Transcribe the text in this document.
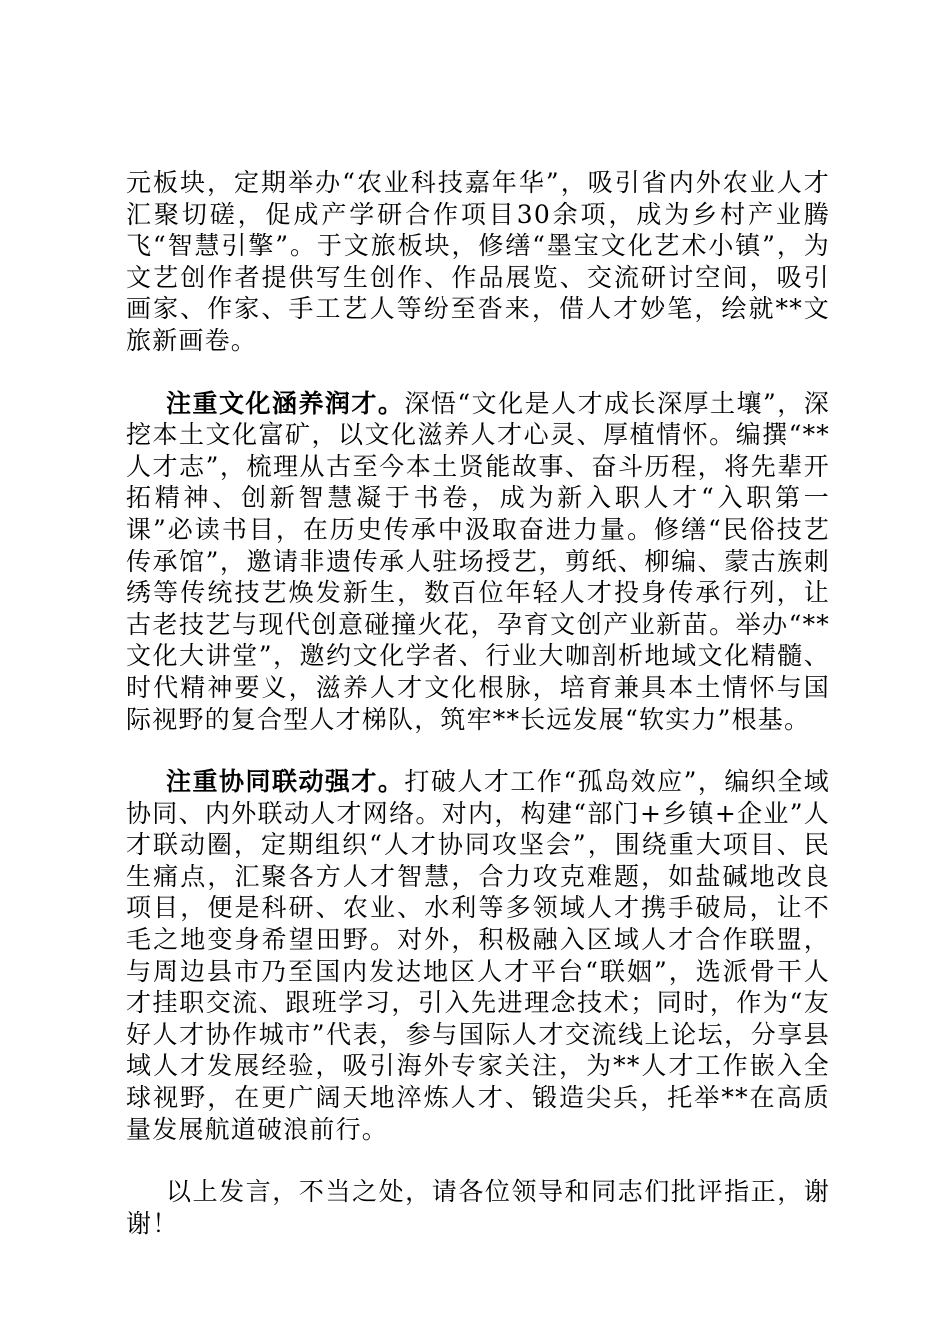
元板块，定期举办“农业科技嘉年华”，吸引省内外农业人才汇聚切磋，促成产学研合作项目30余项，成为乡村产业腾飞“智慧引擎”。于文旅板块，修缮“墨宝文化艺术小镇”，为文艺创作者提供写生创作、作品展览、交流研讨空间，吸引画家、作家、手工艺人等纷至沓来，借人才妙笔，绘就**文旅新画卷。

注重文化涵养润才。深悟“文化是人才成长深厚土壤”，深挖本土文化富矿，以文化滋养人才心灵、厚植情怀。编撰“**人才志”，梳理从古至今本土贤能故事、奋斗历程，将先辈开拓精神、创新智慧凝于书卷，成为新入职人才“入职第一课”必读书目，在历史传承中汲取奋进力量。修缮“民俗技艺传承馆”，邀请非遗传承人驻场授艺，剪纸、柳编、蒙古族刺绣等传统技艺焕发新生，数百位年轻人才投身传承行列，让古老技艺与现代创意碰撞火花，孕育文创产业新苗。举办“**文化大讲堂”，邀约文化学者、行业大咖剖析地域文化精髓、时代精神要义，滋养人才文化根脉，培育兼具本土情怀与国际视野的复合型人才梯队，筑牢**长远发展“软实力”根基。

注重协同联动强才。打破人才工作“孤岛效应”，编织全域协同、内外联动人才网络。对内，构建“部门+乡镇+企业”人才联动圈，定期组织“人才协同攻坚会”，围绕重大项目、民生痛点，汇聚各方人才智慧，合力攻克难题，如盐碱地改良项目，便是科研、农业、水利等多领域人才携手破局，让不毛之地变身希望田野。对外，积极融入区域人才合作联盟，与周边县市乃至国内发达地区人才平台“联姻”，选派骨干人才挂职交流、跟班学习，引入先进理念技术；同时，作为“友好人才协作城市”代表，参与国际人才交流线上论坛，分享县域人才发展经验，吸引海外专家关注，为**人才工作嵌入全球视野，在更广阔天地淬炼人才、锻造尖兵，托举**在高质量发展航道破浪前行。

以上发言，不当之处，请各位领导和同志们批评指正，谢谢！
